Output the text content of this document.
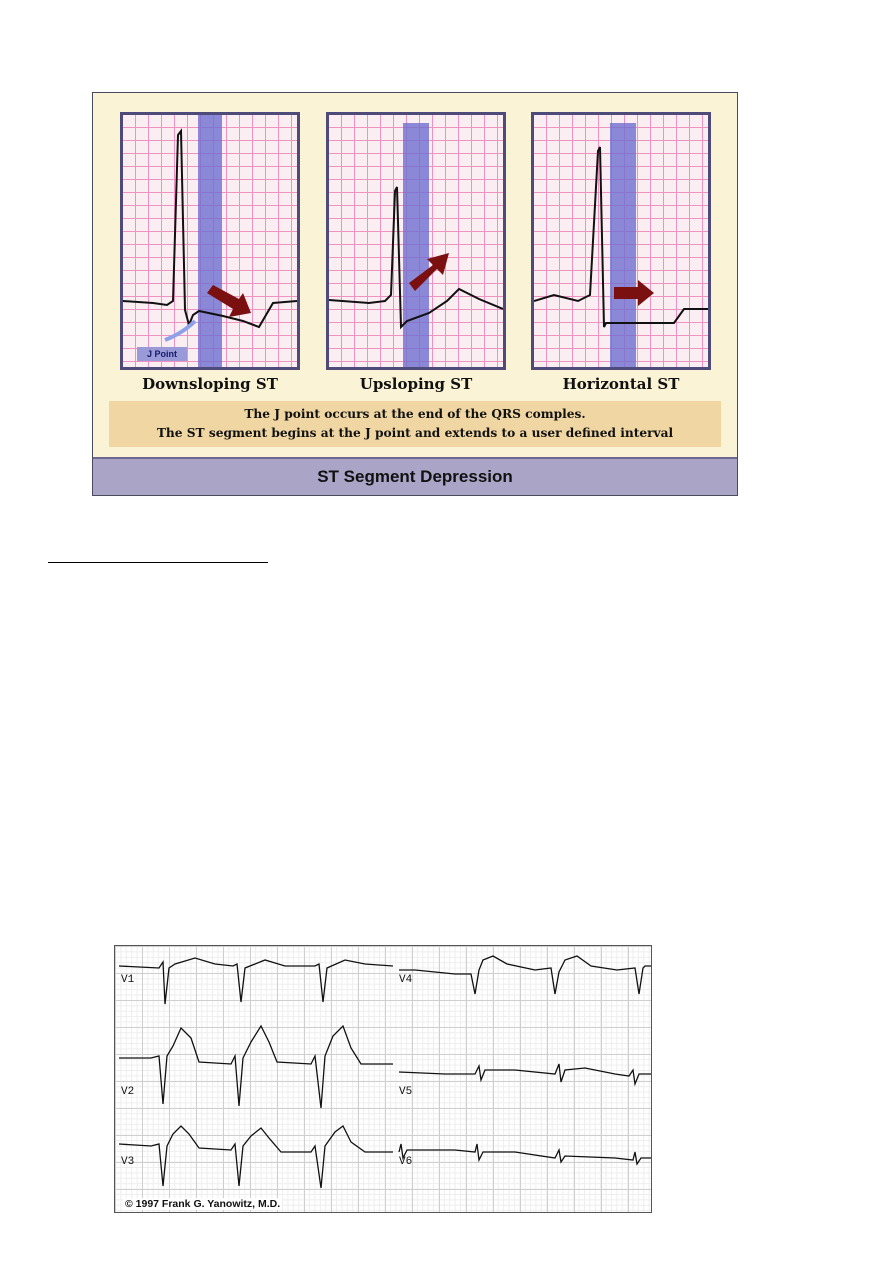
J Point
Downsloping ST	Upsloping ST	Horizontal ST
The J point occurs at the end of the QRS comples.
The ST segment begins at the J point and extends to a user defined interval
ST Segment Depression
V1
V2
V3
V4
V5
V6
© 1997 Frank G. Yanowitz, M.D.
